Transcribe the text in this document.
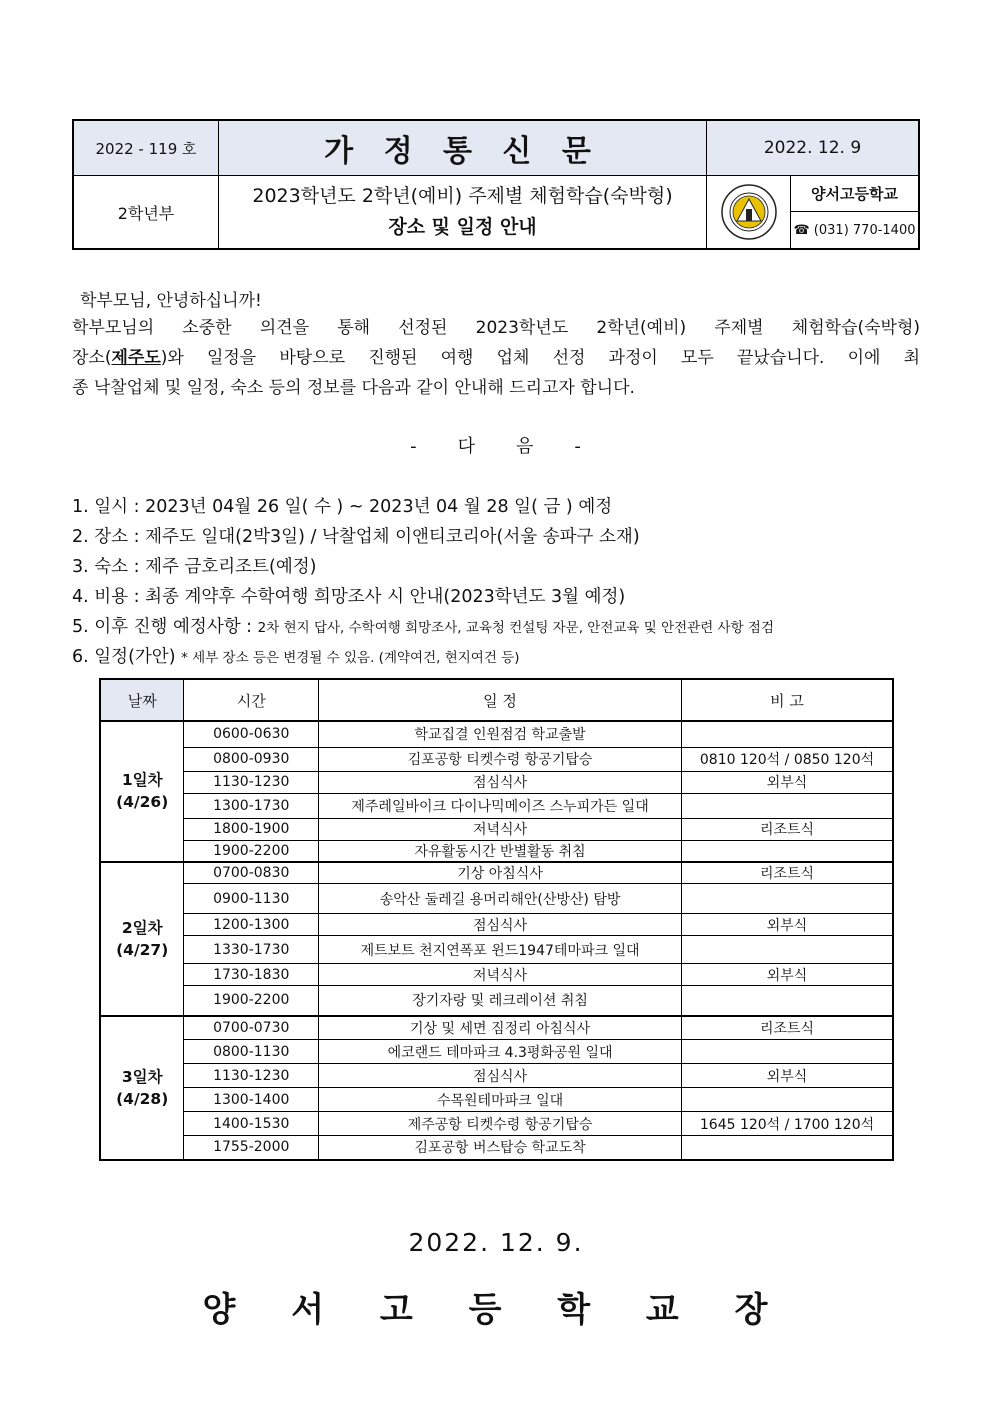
2022 - 119 호	가 정 통 신 문	2022. 12. 9
2학년부
2023학년도 2학년(예비) 주제별 체험학습(숙박형)
장소 및 일정 안내
양서고등학교
☎ (031) 770-1400
학부모님, 안녕하십니까!
학부모님의 소중한 의견을 통해 선정된 2023학년도 2학년(예비) 주제별 체험학습(숙박형)
장소(제주도)와 일정을 바탕으로 진행된 여행 업체 선정 과정이 모두 끝났습니다. 이에 최
종 낙찰업체 및 일정, 숙소 등의 정보를 다음과 같이 안내해 드리고자 합니다.
- 다 음 -
1. 일시 : 2023년 04월 26 일( 수 ) ~ 2023년 04 월 28 일( 금 ) 예정
2. 장소 : 제주도 일대(2박3일) / 낙찰업체 이앤티코리아(서울 송파구 소재)
3. 숙소 : 제주 금호리조트(예정)
4. 비용 : 최종 계약후 수학여행 희망조사 시 안내(2023학년도 3월 예정)
5. 이후 진행 예정사항 : 2차 현지 답사, 수학여행 희망조사, 교육청 컨설팅 자문, 안전교육 및 안전관련 사항 점검
6. 일정(가안) * 세부 장소 등은 변경될 수 있음. (계약여건, 현지여건 등)
날짜	시간	일 정	비 고

1일차
(4/26)	0600-0630	학교집결 인원점검 학교출발	
	0800-0930	김포공항 티켓수령 항공기탑승	0810 120석 / 0850 120석
	1130-1230	점심식사	외부식
	1300-1730	제주레일바이크 다이나믹메이즈 스누피가든 일대	
	1800-1900	저녁식사	리조트식
	1900-2200	자유활동시간 반별활동 취침	

2일차
(4/27)	0700-0830	기상 아침식사	리조트식
	0900-1130	송악산 둘레길 용머리해안(산방산) 탐방	
	1200-1300	점심식사	외부식
	1330-1730	제트보트 천지연폭포 윈드1947테마파크 일대	
	1730-1830	저녁식사	외부식
	1900-2200	장기자랑 및 레크레이션 취침	

3일차
(4/28)	0700-0730	기상 및 세면 짐정리 아침식사	리조트식
	0800-1130	에코랜드 테마파크 4.3평화공원 일대	
	1130-1230	점심식사	외부식
	1300-1400	수목원테마파크 일대	
	1400-1530	제주공항 티켓수령 항공기탑승	1645 120석 / 1700 120석
	1755-2000	김포공항 버스탑승 학교도착	
2022. 12. 9.
양 서 고 등 학 교 장
